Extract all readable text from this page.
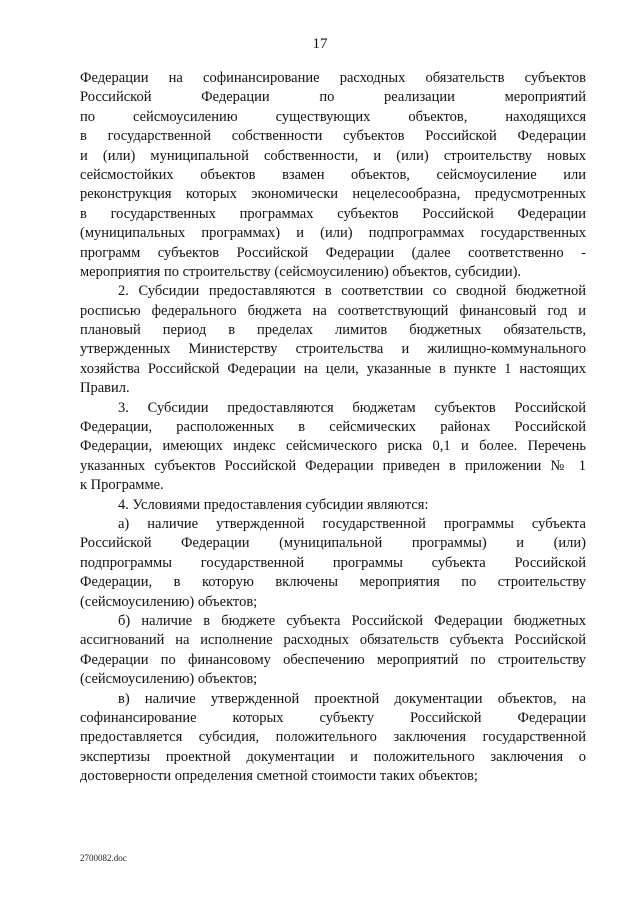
17
Федерации на софинансирование расходных обязательств субъектов
Российской Федерации по реализации мероприятий
по сейсмоусилению существующих объектов, находящихся
в государственной собственности субъектов Российской Федерации
и (или) муниципальной собственности, и (или) строительству новых
сейсмостойких объектов взамен объектов, сейсмоусиление или
реконструкция которых экономически нецелесообразна, предусмотренных
в государственных программах субъектов Российской Федерации
(муниципальных программах) и (или) подпрограммах государственных
программ субъектов Российской Федерации (далее соответственно -
мероприятия по строительству (сейсмоусилению) объектов, субсидии).
2. Субсидии предоставляются в соответствии со сводной бюджетной
росписью федерального бюджета на соответствующий финансовый год и
плановый период в пределах лимитов бюджетных обязательств,
утвержденных Министерству строительства и жилищно-коммунального
хозяйства Российской Федерации на цели, указанные в пункте 1 настоящих
Правил.
3. Субсидии предоставляются бюджетам субъектов Российской
Федерации, расположенных в сейсмических районах Российской
Федерации, имеющих индекс сейсмического риска 0,1 и более. Перечень
указанных субъектов Российской Федерации приведен в приложении № 1
к Программе.
4. Условиями предоставления субсидии являются:
а) наличие утвержденной государственной программы субъекта
Российской Федерации (муниципальной программы) и (или)
подпрограммы государственной программы субъекта Российской
Федерации, в которую включены мероприятия по строительству
(сейсмоусилению) объектов;
б) наличие в бюджете субъекта Российской Федерации бюджетных
ассигнований на исполнение расходных обязательств субъекта Российской
Федерации по финансовому обеспечению мероприятий по строительству
(сейсмоусилению) объектов;
в) наличие утвержденной проектной документации объектов, на
софинансирование которых субъекту Российской Федерации
предоставляется субсидия, положительного заключения государственной
экспертизы проектной документации и положительного заключения о
достоверности определения сметной стоимости таких объектов;
2700082.doc
